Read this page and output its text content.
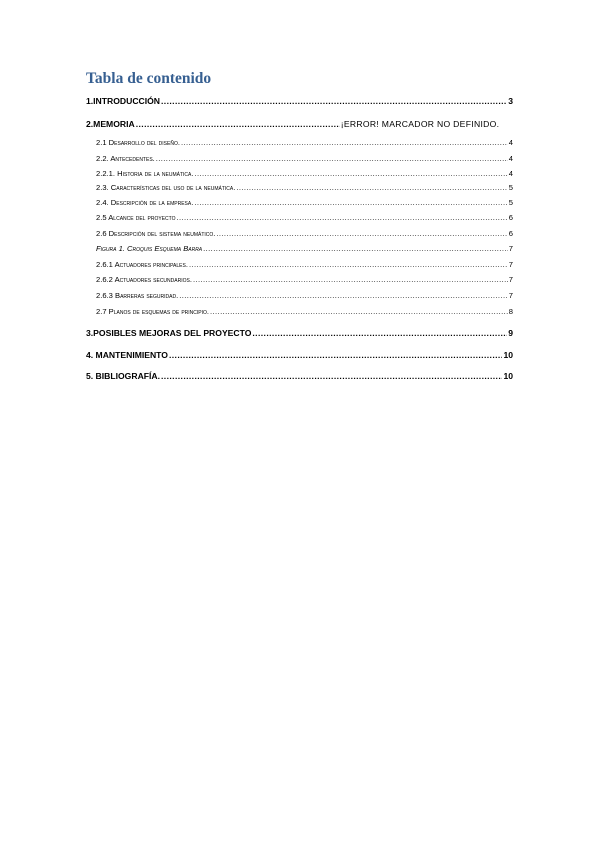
Tabla de contenido
1.INTRODUCCIÓN .....	3
2.MEMORIA .....	¡ERROR! MARCADOR NO DEFINIDO.
2.1 Desarrollo del diseño. .....	4
2.2. Antecedentes. .....	4
2.2.1. Historia de la neumática. .....	4
2.3. Características del uso de la neumática. .....	5
2.4. Descripción de la empresa. .....	5
2.5 Alcance del proyecto .....	6
2.6 Descripción del sistema neumático. .....	6
Figura 1. Croquis Esquema Barra .....	7
2.6.1 Actuadores principales. .....	7
2.6.2 Actuadores secundarios. .....	7
2.6.3 Barreras seguridad. .....	7
2.7 Planos de esquemas de principio. .....	8
3.POSIBLES MEJORAS DEL PROYECTO .....	9
4. MANTENIMIENTO .....	10
5. BIBLIOGRAFÍA. .....	10
